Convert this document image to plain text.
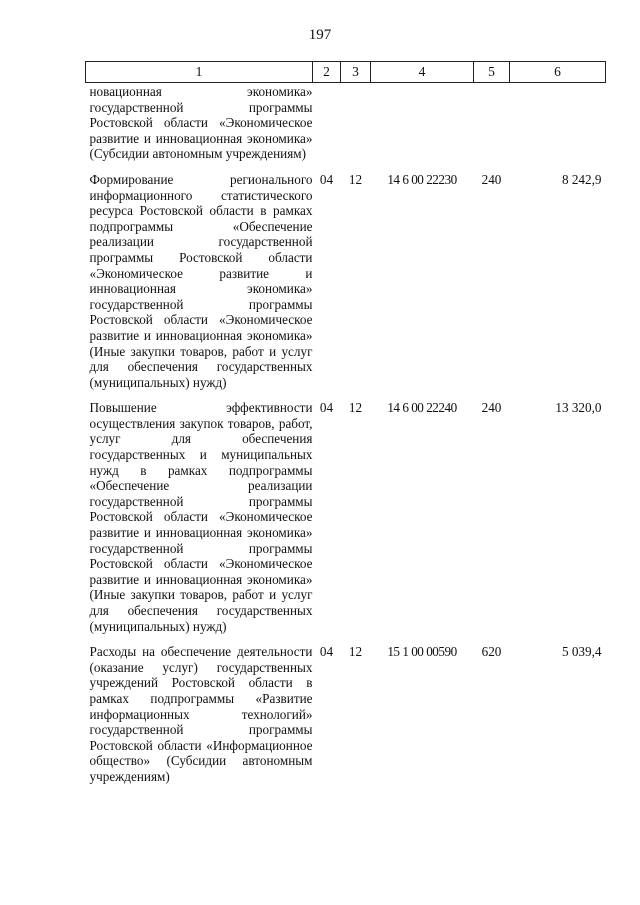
197
1	2	3	4	5	6
новационная экономика» государственной программы Ростовской области «Экономическое развитие и инновационная экономика» (Субсидии автономным учреждениям)					
Формирование регионального информационного статистического ресурса Ростовской области в рамках подпрограммы «Обеспечение реализации государственной программы Ростовской области «Экономическое развитие и инновационная экономика» государственной программы Ростовской области «Экономическое развитие и инновационная экономика» (Иные закупки товаров, работ и услуг для обеспечения государственных (муниципальных) нужд)	04	12	14 6 00 22230	240	8 242,9
Повышение эффективности осуществления закупок товаров, работ, услуг для обеспечения государственных и муниципальных нужд в рамках подпрограммы «Обеспечение реализации государственной программы Ростовской области «Экономическое развитие и инновационная экономика» государственной программы Ростовской области «Экономическое развитие и инновационная экономика» (Иные закупки товаров, работ и услуг для обеспечения государственных (муниципальных) нужд)	04	12	14 6 00 22240	240	13 320,0
Расходы на обеспечение деятельности (оказание услуг) государственных учреждений Ростовской области в рамках подпрограммы «Развитие информационных технологий» государственной программы Ростовской области «Информационное общество» (Субсидии автономным учреждениям)	04	12	15 1 00 00590	620	5 039,4
